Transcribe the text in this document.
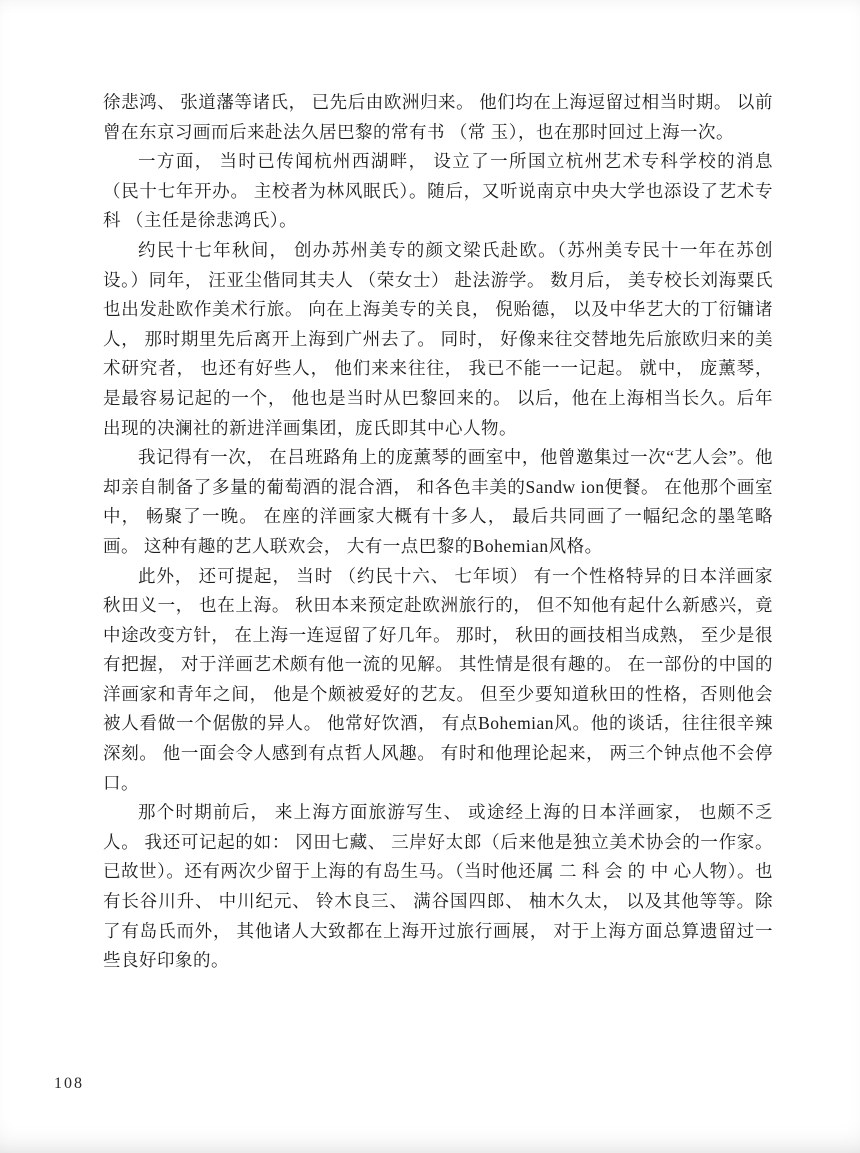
徐悲鸿、 张道藩等诸氏， 已先后由欧洲归来。 他们均在上海逗留过相当时期。 以前曾在东京习画而后来赴法久居巴黎的常有书 （常 玉），也在那时回过上海一次。

一方面， 当时已传闻杭州西湖畔， 设立了一所国立杭州艺术专科学校的消息（民十七年开办。 主校者为林风眠氏）。随后，又听说南京中央大学也添设了艺术专科 （主任是徐悲鸿氏）。

约民十七年秋间， 创办苏州美专的颜文梁氏赴欧。（苏州美专民十一年在苏创设。）同年， 汪亚尘偕同其夫人 （荣女士） 赴法游学。 数月后， 美专校长刘海粟氏也出发赴欧作美术行旅。 向在上海美专的关良， 倪贻德， 以及中华艺大的丁衍镛诸人， 那时期里先后离开上海到广州去了。 同时， 好像来往交替地先后旅欧归来的美术研究者， 也还有好些人， 他们来来往往， 我已不能一一记起。 就中， 庞薰琴， 是最容易记起的一个， 他也是当时从巴黎回来的。 以后，他在上海相当长久。后年出现的决澜社的新进洋画集团，庞氏即其中心人物。

我记得有一次， 在吕班路角上的庞薰琴的画室中，他曾邀集过一次“艺人会”。他却亲自制备了多量的葡萄酒的混合酒， 和各色丰美的Sandw ion便餐。 在他那个画室中， 畅聚了一晚。 在座的洋画家大概有十多人， 最后共同画了一幅纪念的墨笔略画。 这种有趣的艺人联欢会， 大有一点巴黎的Bohemian风格。

此外， 还可提起， 当时 （约民十六、 七年顷） 有一个性格特异的日本洋画家秋田义一， 也在上海。 秋田本来预定赴欧洲旅行的， 但不知他有起什么新感兴，竟中途改变方针， 在上海一连逗留了好几年。 那时， 秋田的画技相当成熟， 至少是很有把握， 对于洋画艺术颇有他一流的见解。 其性情是很有趣的。 在一部份的中国的洋画家和青年之间， 他是个颇被爱好的艺友。 但至少要知道秋田的性格，否则他会被人看做一个倨傲的异人。 他常好饮酒， 有点Bohemian风。他的谈话，往往很辛辣深刻。 他一面会令人感到有点哲人风趣。 有时和他理论起来， 两三个钟点他不会停口。

那个时期前后， 来上海方面旅游写生、 或途经上海的日本洋画家， 也颇不乏人。 我还可记起的如： 冈田七藏、 三岸好太郎（后来他是独立美术协会的一作家。已故世）。还有两次少留于上海的有岛生马。（当时他还属 二 科 会 的 中 心人物）。也有长谷川升、 中川纪元、 铃木良三、 满谷国四郎、 柚木久太， 以及其他等等。除了有岛氏而外， 其他诸人大致都在上海开过旅行画展， 对于上海方面总算遗留过一些良好印象的。

108
